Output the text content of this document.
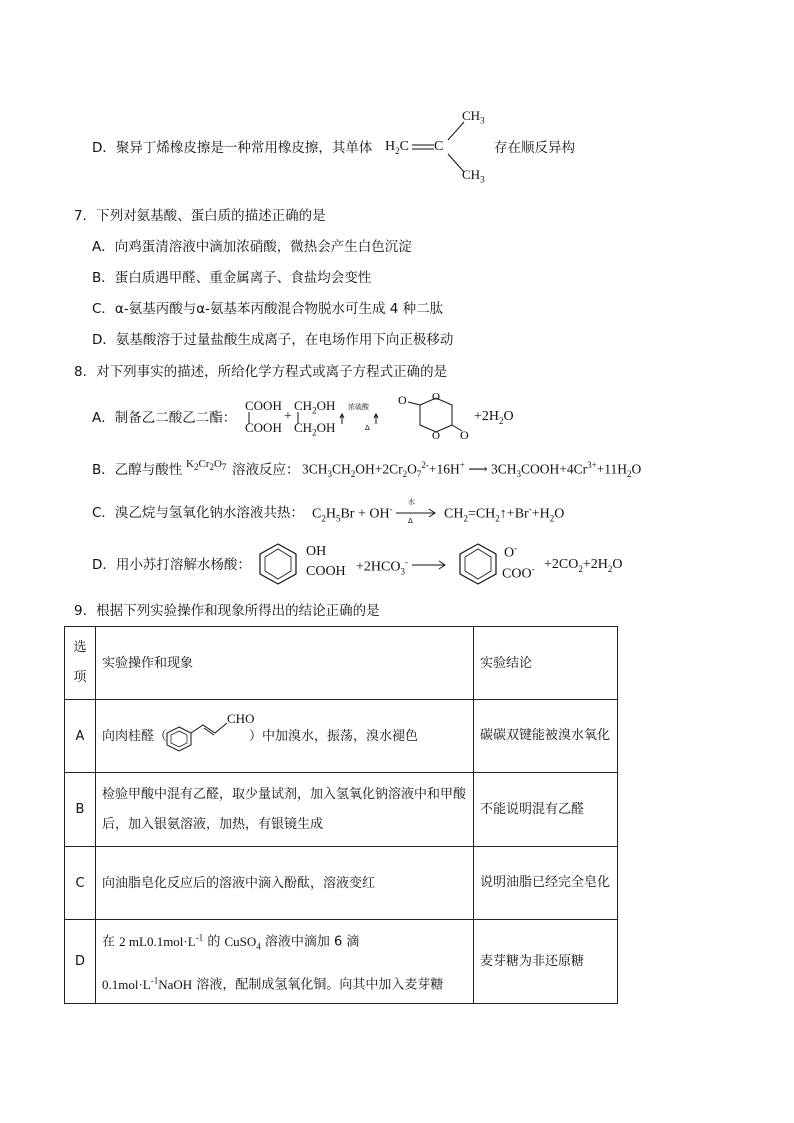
D．聚异丁烯橡皮擦是一种常用橡皮擦，其单体 $H_2C$ C
$CH_3$
$CH_3$
存在顺反异构
7．下列对氨基酸、蛋白质的描述正确的是
A．向鸡蛋清溶液中滴加浓硝酸，微热会产生白色沉淀
B．蛋白质遇甲醛、重金属离子、食盐均会变性
C．α-氨基丙酸与α-氨基苯丙酸混合物脱水可生成 4 种二肽
D．氨基酸溶于过量盐酸生成离子，在电场作用下向正极移动
8．对下列事实的描述，所给化学方程式或离子方程式正确的是
A．制备乙二酸乙二酯：
COOH
COOH
+
$CH_2OH$
$CH_2OH$
浓硫酸
Δ
O
O
O
O
$+2H_2O$
B．乙醇与酸性 $K_2Cr_2O_7$ 溶液反应： $3CH_3CH_2OH+2Cr_2O_7^{2-}+16H^+$ ⟶ $3CH_3COOH+4Cr^{3+}+11H_2O$
C．溴乙烷与氢氧化钠水溶液共热： $C_2H_5Br + OH^-$
水
$\Delta \to CH_2=CH_2↑+Br^-+H_2O$
D．用小苏打溶解水杨酸：
OH
COOH $+2HCO_3^-$ →
O-
$COO^- +2CO_2+2H_2O$
9．根据下列实验操作和现象所得出的结论正确的是
选
项	实验操作和现象	实验结论
A	向肉桂醛（
CHO
）中加溴水，振荡，溴水褪色	碳碳双键能被溴水氧化
B	检验甲酸中混有乙醛，取少量试剂，加入氢氧化钠溶液中和甲酸后，加入银氨溶液，加热，有银镜生成	不能说明混有乙醛
C	向油脂皂化反应后的溶液中滴入酚酞，溶液变红	说明油脂已经完全皂化
D	在 2 $mL0.1mol\cdot L^{-1}$ 的 CuSO$_4$ 溶液中滴加 6 滴
$0.1mol\cdot L^{-1}NaOH$ 溶液，配制成氢氧化铜。向其中加入麦芽糖	麦芽糖为非还原糖
